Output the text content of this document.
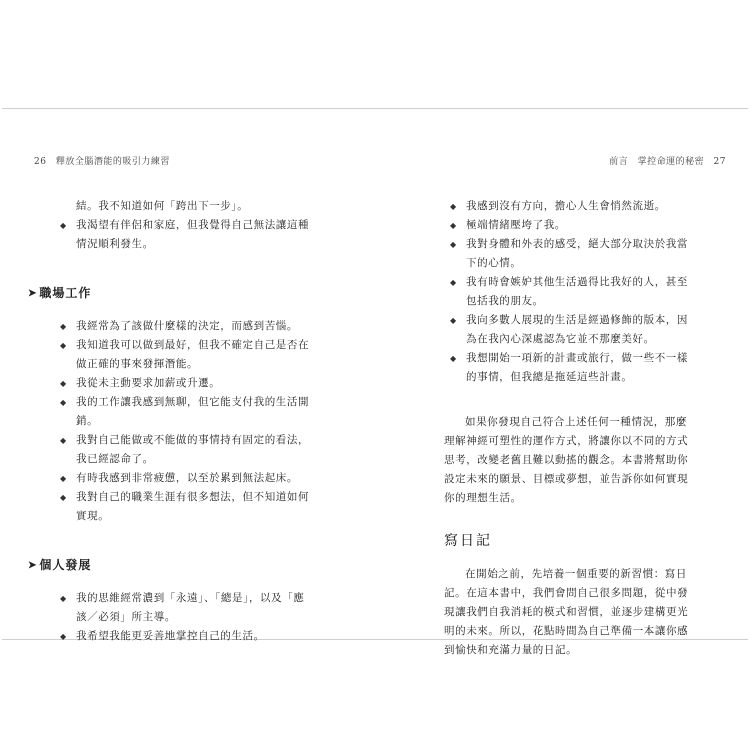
26 釋放全腦潛能的吸引力練習

結。我不知道如何「跨出下一步」。

◆ 我渴望有伴侶和家庭，但我覺得自己無法讓這種情況順利發生。

➤ 職場工作

◆ 我經常為了該做什麼樣的決定，而感到苦惱。

◆ 我知道我可以做到最好，但我不確定自己是否在做正確的事來發揮潛能。

◆ 我從未主動要求加薪或升遷。

◆ 我的工作讓我感到無聊，但它能支付我的生活開銷。

◆ 我對自己能做或不能做的事情持有固定的看法，我已經認命了。

◆ 有時我感到非常疲憊，以至於累到無法起床。

◆ 我對自己的職業生涯有很多想法，但不知道如何實現。

➤ 個人發展

◆ 我的思維經常濃到「永遠」、「總是」，以及「應該／必須」所主導。

◆ 我希望我能更妥善地掌控自己的生活。

前言 掌控命運的秘密 27

◆ 我感到沒有方向，擔心人生會悄然流逝。

◆ 極端情緒壓垮了我。

◆ 我對身體和外表的感受，絕大部分取決於我當下的心情。

◆ 我有時會嫉妒其他生活過得比我好的人，甚至包括我的朋友。

◆ 我向多數人展現的生活是經過修飾的版本，因為在我內心深處認為它並不那麼美好。

◆ 我想開始一項新的計畫或旅行，做一些不一樣的事情，但我總是拖延這些計畫。

如果你發現自己符合上述任何一種情況，那麼理解神經可塑性的運作方式，將讓你以不同的方式思考，改變老舊且難以動搖的觀念。本書將幫助你設定未來的願景、目標或夢想，並告訴你如何實現你的理想生活。

寫日記

在開始之前，先培養一個重要的新習慣：寫日記。在這本書中，我們會問自己很多問題，從中發現讓我們自我消耗的模式和習慣，並逐步建構更光明的未來。所以，花點時間為自己準備一本讓你感到愉快和充滿力量的日記。
